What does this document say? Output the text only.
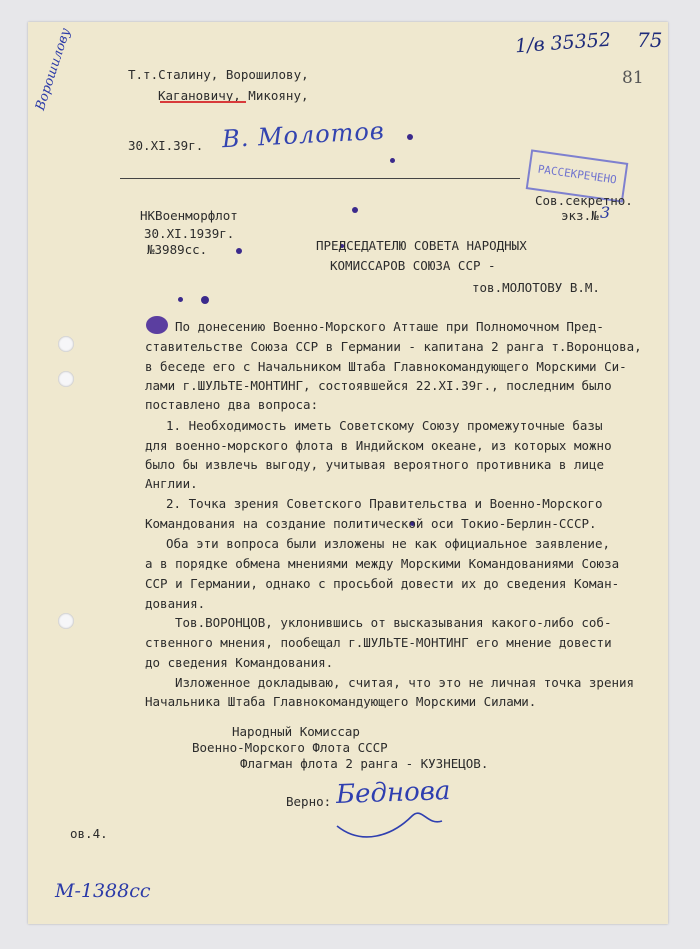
1/в 35352 75
81
Ворошилову	Т.т.Сталину, Ворошилову,
Кагановичу, Микояну,
30.XI.39г. В. Молотов
РАССЕКРЕЧЕНО
Сов.секретно.
экз.№ 3
НКВоенморфлот
30.XI.1939г.
№3989сс.	ПРЕДСЕДАТЕЛЮ СОВЕТА НАРОДНЫХ
КОМИССАРОВ СОЮЗА ССР -
тов.МОЛОТОВУ В.М.
По донесению Военно-Морского Атташе при Полномочном Пред-
ставительстве Союза ССР в Германии - капитана 2 ранга т.Воронцова,
в беседе его с Начальником Штаба Главнокомандующего Морскими Си-
лами г.ШУЛЬТЕ-МОНТИНГ, состоявшейся 22.XI.39г., последним было
поставлено два вопроса:
1. Необходимость иметь Советскому Союзу промежуточные базы
для военно-морского флота в Индийском океане, из которых можно
было бы извлечь выгоду, учитывая вероятного противника в лице
Англии.
2. Точка зрения Советского Правительства и Военно-Морского
Командования на создание политической оси Токио-Берлин-СССР.
Оба эти вопроса были изложены не как официальное заявление,
а в порядке обмена мнениями между Морскими Командованиями Союза
ССР и Германии, однако с просьбой довести их до сведения Коман-
дования.
Тов.ВОРОНЦОВ, уклонившись от высказывания какого-либо соб-
ственного мнения, пообещал г.ШУЛЬТЕ-МОНТИНГ его мнение довести
до сведения Командования.
Изложенное докладываю, считая, что это не личная точка зрения
Начальника Штаба Главнокомандующего Морскими Силами.
Народный Комиссар
Военно-Морского Флота СССР
Флагман флота 2 ранга - КУЗНЕЦОВ.
Верно: Беднова
ов.4.
M-1388cc
